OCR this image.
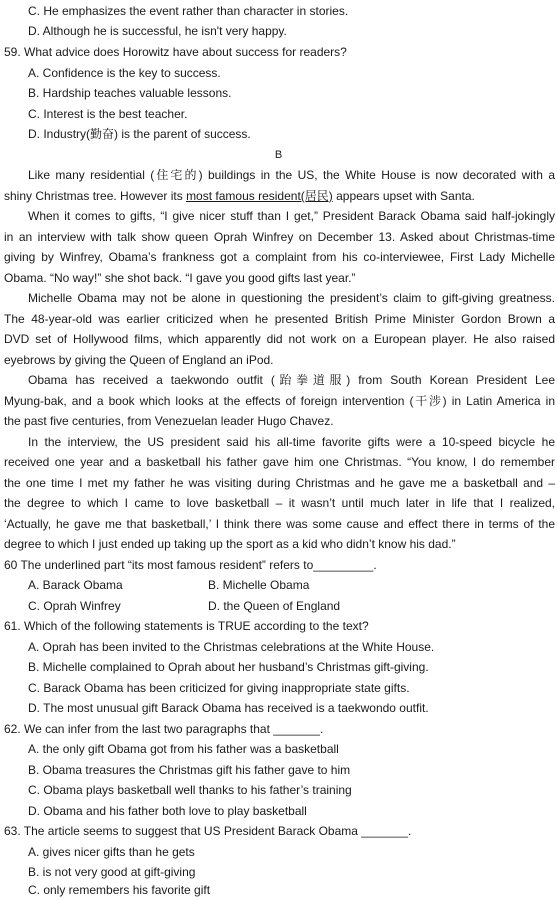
C. He emphasizes the event rather than character in stories.
D. Although he is successful, he isn't very happy.
59. What advice does Horowitz have about success for readers?
A. Confidence is the key to success.
B. Hardship teaches valuable lessons.
C. Interest is the best teacher.
D. Industry(勤奋) is the parent of success.
B
Like many residential (住宅的) buildings in the US, the White House is now decorated with a
shiny Christmas tree. However its most famous resident(居民) appears upset with Santa.
When it comes to gifts, “I give nicer stuff than I get,” President Barack Obama said half-jokingly
in an interview with talk show queen Oprah Winfrey on December 13. Asked about Christmas-time
giving by Winfrey, Obama’s frankness got a complaint from his co-interviewee, First Lady Michelle
Obama. “No way!” she shot back. “I gave you good gifts last year.”
Michelle Obama may not be alone in questioning the president’s claim to gift-giving greatness.
The 48-year-old was earlier criticized when he presented British Prime Minister Gordon Brown a
DVD set of Hollywood films, which apparently did not work on a European player. He also raised
eyebrows by giving the Queen of England an iPod.
Obama has received a taekwondo outfit (跆拳道服) from South Korean President Lee
Myung-bak, and a book which looks at the effects of foreign intervention (干涉) in Latin America in
the past five centuries, from Venezuelan leader Hugo Chavez.
In the interview, the US president said his all-time favorite gifts were a 10-speed bicycle he
received one year and a basketball his father gave him one Christmas. “You know, I do remember
the one time I met my father he was visiting during Christmas and he gave me a basketball and –
the degree to which I came to love basketball – it wasn’t until much later in life that I realized,
‘Actually, he gave me that basketball,’ I think there was some cause and effect there in terms of the
degree to which I just ended up taking up the sport as a kid who didn’t know his dad.”
60 The underlined part “its most famous resident” refers to_________.
A. Barack Obama	B. Michelle Obama
C. Oprah Winfrey	D. the Queen of England
61. Which of the following statements is TRUE according to the text?
A. Oprah has been invited to the Christmas celebrations at the White House.
B. Michelle complained to Oprah about her husband’s Christmas gift-giving.
C. Barack Obama has been criticized for giving inappropriate state gifts.
D. The most unusual gift Barack Obama has received is a taekwondo outfit.
62. We can infer from the last two paragraphs that _______.
A. the only gift Obama got from his father was a basketball
B. Obama treasures the Christmas gift his father gave to him
C. Obama plays basketball well thanks to his father’s training
D. Obama and his father both love to play basketball
63. The article seems to suggest that US President Barack Obama _______.
A. gives nicer gifts than he gets
B. is not very good at gift-giving
C. only remembers his favorite gift
